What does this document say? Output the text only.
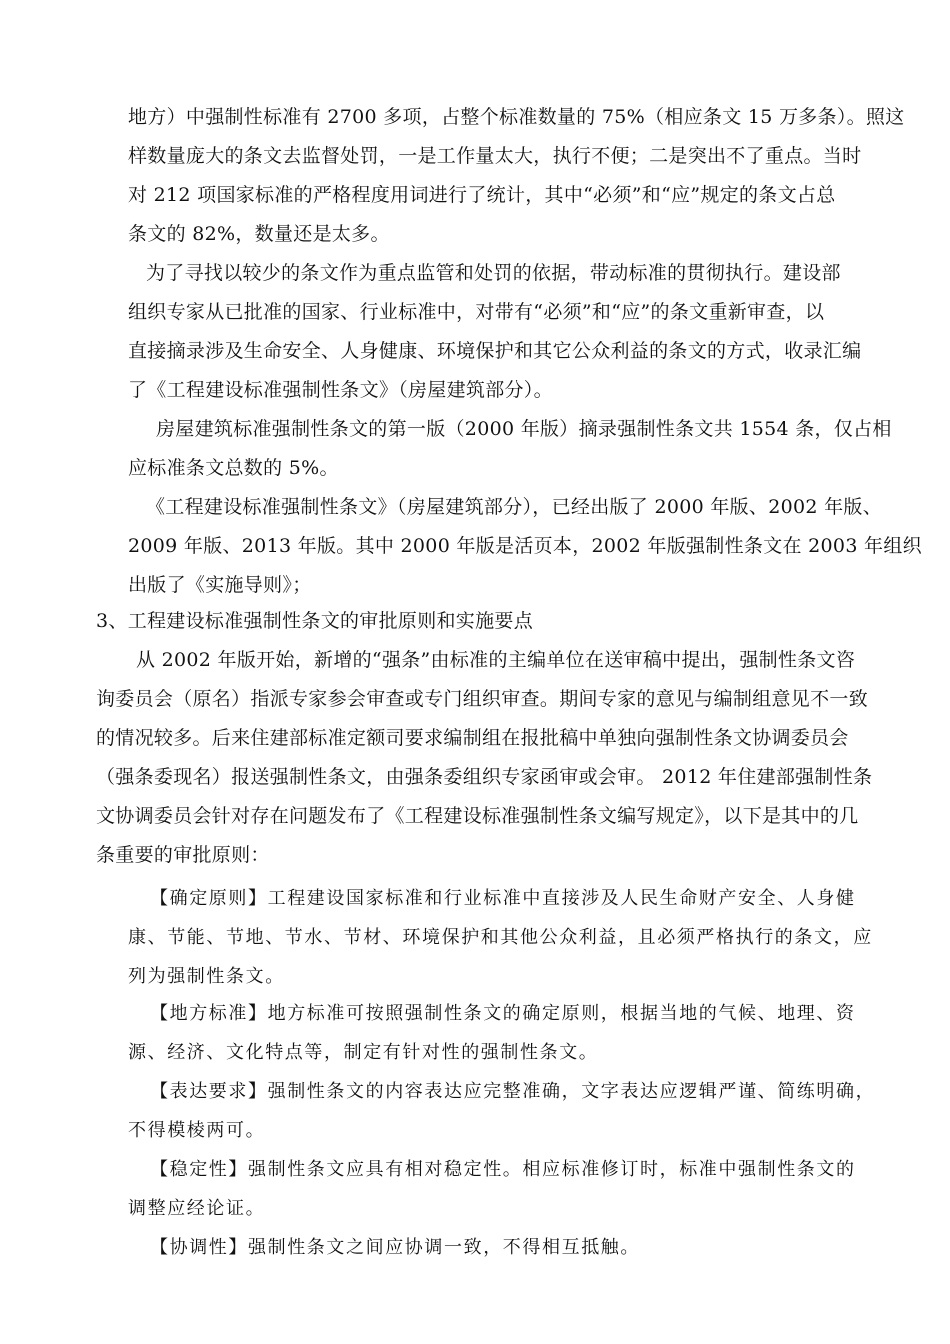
地方）中强制性标准有 2700 多项，占整个标准数量的 75%（相应条文 15 万多条）。照这
样数量庞大的条文去监督处罚，一是工作量太大，执行不便；二是突出不了重点。当时
对 212 项国家标准的严格程度用词进行了统计，其中“必须”和“应”规定的条文占总
条文的 82%，数量还是太多。
为了寻找以较少的条文作为重点监管和处罚的依据，带动标准的贯彻执行。建设部
组织专家从已批准的国家、行业标准中，对带有“必须”和“应”的条文重新审查，以
直接摘录涉及生命安全、人身健康、环境保护和其它公众利益的条文的方式，收录汇编
了《工程建设标准强制性条文》（房屋建筑部分）。
房屋建筑标准强制性条文的第一版（2000 年版）摘录强制性条文共 1554 条，仅占相
应标准条文总数的 5%。
《工程建设标准强制性条文》（房屋建筑部分），已经出版了 2000 年版、2002 年版、
2009 年版、2013 年版。其中 2000 年版是活页本，2002 年版强制性条文在 2003 年组织
出版了《实施导则》；
3、工程建设标准强制性条文的审批原则和实施要点
从 2002 年版开始，新增的“强条”由标准的主编单位在送审稿中提出，强制性条文咨
询委员会（原名）指派专家参会审查或专门组织审查。期间专家的意见与编制组意见不一致
的情况较多。后来住建部标准定额司要求编制组在报批稿中单独向强制性条文协调委员会
（强条委现名）报送强制性条文，由强条委组织专家函审或会审。 2012 年住建部强制性条
文协调委员会针对存在问题发布了《工程建设标准强制性条文编写规定》，以下是其中的几
条重要的审批原则：
【确定原则】工程建设国家标准和行业标准中直接涉及人民生命财产安全、人身健
康、节能、节地、节水、节材、环境保护和其他公众利益，且必须严格执行的条文，应
列为强制性条文。
【地方标准】地方标准可按照强制性条文的确定原则，根据当地的气候、地理、资
源、经济、文化特点等，制定有针对性的强制性条文。
【表达要求】强制性条文的内容表达应完整准确，文字表达应逻辑严谨、简练明确，
不得模棱两可。
【稳定性】强制性条文应具有相对稳定性。相应标准修订时，标准中强制性条文的
调整应经论证。
【协调性】强制性条文之间应协调一致，不得相互抵触。
